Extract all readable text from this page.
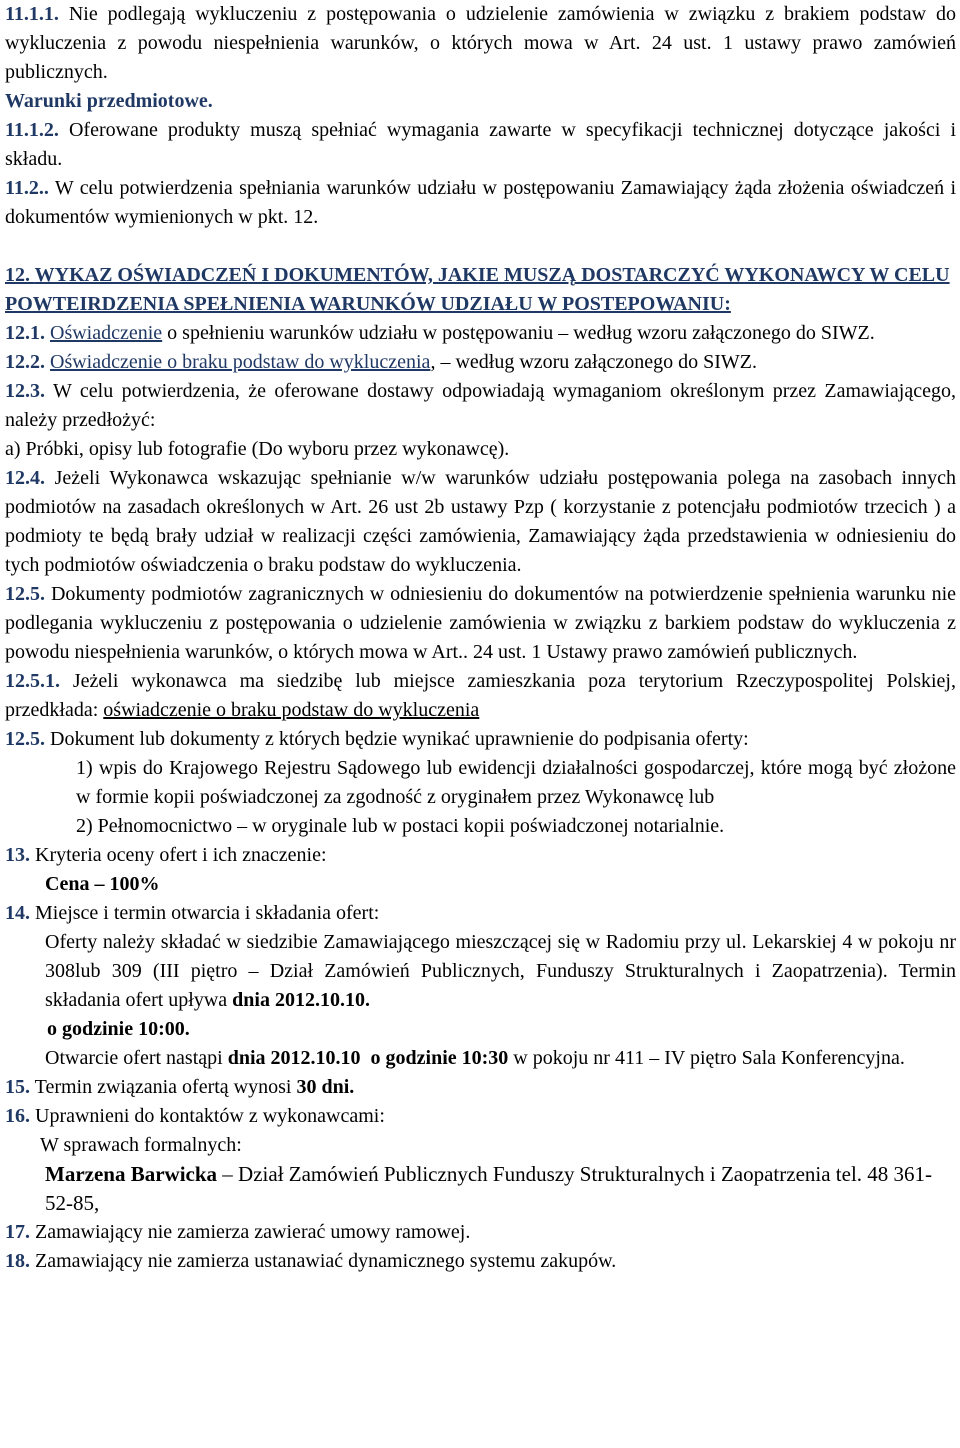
11.1.1. Nie podlegają wykluczeniu z postępowania o udzielenie zamówienia w związku z brakiem podstaw do wykluczenia z powodu niespełnienia warunków, o których mowa w Art. 24 ust. 1 ustawy prawo zamówień publicznych.

Warunki przedmiotowe.

11.1.2. Oferowane produkty muszą spełniać wymagania zawarte w specyfikacji technicznej dotyczące jakości i składu.

11.2.. W celu potwierdzenia spełniania warunków udziału w postępowaniu Zamawiający żąda złożenia oświadczeń i dokumentów wymienionych w pkt. 12.

12. WYKAZ OŚWIADCZEŃ I DOKUMENTÓW, JAKIE MUSZĄ DOSTARCZYĆ WYKONAWCY W CELU POWTEIRDZENIA SPEŁNIENIA WARUNKÓW UDZIAŁU W POSTEPOWANIU:

12.1. Oświadczenie o spełnieniu warunków udziału w postępowaniu – według wzoru załączonego do SIWZ.

12.2. Oświadczenie o braku podstaw do wykluczenia, – według wzoru załączonego do SIWZ.

12.3. W celu potwierdzenia, że oferowane dostawy odpowiadają wymaganiom określonym przez Zamawiającego, należy przedłożyć:

a) Próbki, opisy lub fotografie (Do wyboru przez wykonawcę).

12.4. Jeżeli Wykonawca wskazując spełnianie w/w warunków udziału postępowania polega na zasobach innych podmiotów na zasadach określonych w Art. 26 ust 2b ustawy Pzp ( korzystanie z potencjału podmiotów trzecich ) a podmioty te będą brały udział w realizacji części zamówienia, Zamawiający żąda przedstawienia w odniesieniu do tych podmiotów oświadczenia o braku podstaw do wykluczenia.

12.5. Dokumenty podmiotów zagranicznych w odniesieniu do dokumentów na potwierdzenie spełnienia warunku nie podlegania wykluczeniu z postępowania o udzielenie zamówienia w związku z barkiem podstaw do wykluczenia z powodu niespełnienia warunków, o których mowa w Art.. 24 ust. 1 Ustawy prawo zamówień publicznych.

12.5.1. Jeżeli wykonawca ma siedzibę lub miejsce zamieszkania poza terytorium Rzeczypospolitej Polskiej, przedkłada: oświadczenie o braku podstaw do wykluczenia

12.5. Dokument lub dokumenty z których będzie wynikać uprawnienie do podpisania oferty:

1) wpis do Krajowego Rejestru Sądowego lub ewidencji działalności gospodarczej, które mogą być złożone w formie kopii poświadczonej za zgodność z oryginałem przez Wykonawcę lub

2) Pełnomocnictwo – w oryginale lub w postaci kopii poświadczonej notarialnie.

13. Kryteria oceny ofert i ich znaczenie:

Cena – 100%

14. Miejsce i termin otwarcia i składania ofert:

Oferty należy składać w siedzibie Zamawiającego mieszczącej się w Radomiu przy ul. Lekarskiej 4 w pokoju nr 308lub 309 (III piętro – Dział Zamówień Publicznych, Funduszy Strukturalnych i Zaopatrzenia). Termin składania ofert upływa dnia 2012.10.10.
o godzinie 10:00.

Otwarcie ofert nastąpi dnia 2012.10.10 o godzinie 10:30 w pokoju nr 411 – IV piętro Sala Konferencyjna.

15. Termin związania ofertą wynosi 30 dni.

16. Uprawnieni do kontaktów z wykonawcami:

W sprawach formalnych:

Marzena Barwicka – Dział Zamówień Publicznych Funduszy Strukturalnych i Zaopatrzenia tel. 48 361-52-85,

17. Zamawiający nie zamierza zawierać umowy ramowej.

18. Zamawiający nie zamierza ustanawiać dynamicznego systemu zakupów.
